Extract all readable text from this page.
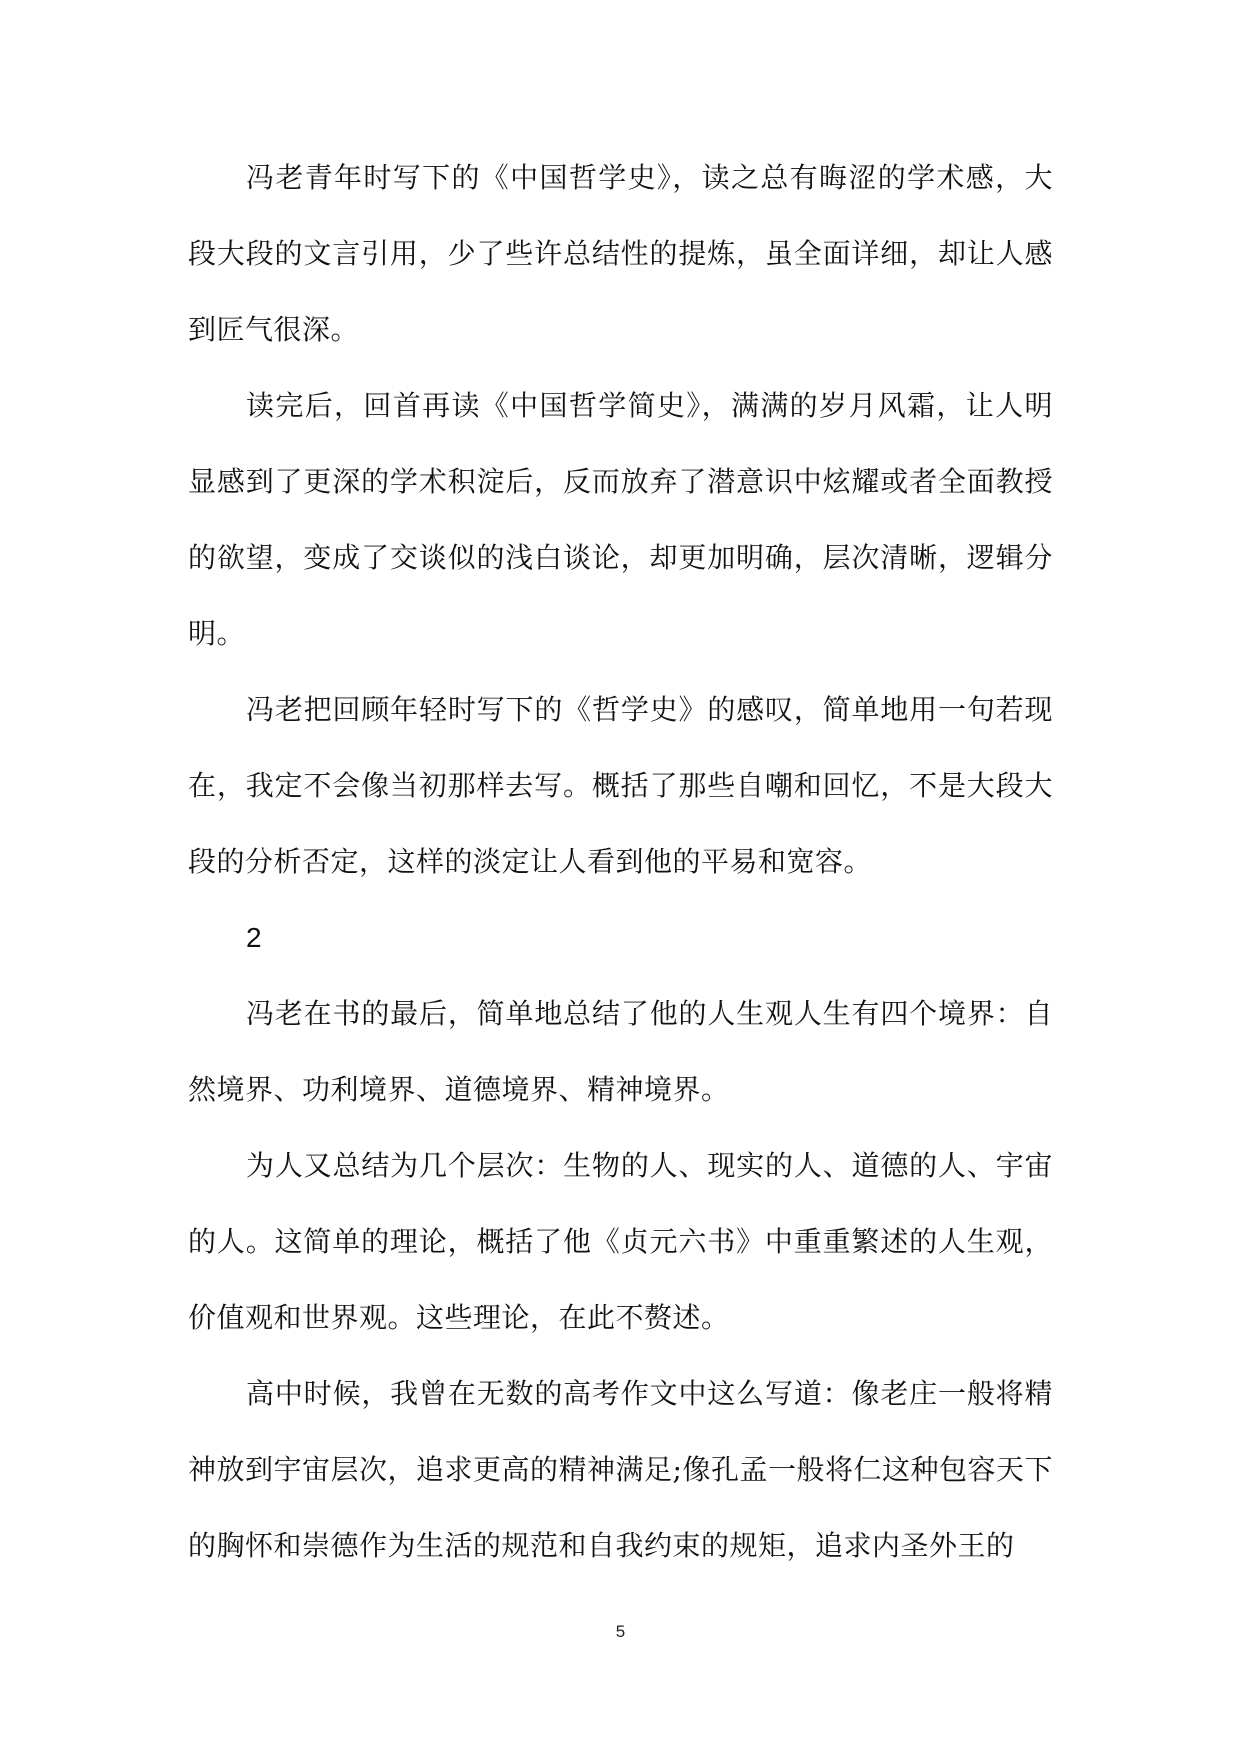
冯老青年时写下的《中国哲学史》，读之总有晦涩的学术感，大段大段的文言引用，少了些许总结性的提炼，虽全面详细，却让人感到匠气很深。

读完后，回首再读《中国哲学简史》，满满的岁月风霜，让人明显感到了更深的学术积淀后，反而放弃了潜意识中炫耀或者全面教授的欲望，变成了交谈似的浅白谈论，却更加明确，层次清晰，逻辑分明。

冯老把回顾年轻时写下的《哲学史》的感叹，简单地用一句若现在，我定不会像当初那样去写。概括了那些自嘲和回忆，不是大段大段的分析否定，这样的淡定让人看到他的平易和宽容。

2

冯老在书的最后，简单地总结了他的人生观人生有四个境界：自然境界、功利境界、道德境界、精神境界。

为人又总结为几个层次：生物的人、现实的人、道德的人、宇宙的人。这简单的理论，概括了他《贞元六书》中重重繁述的人生观，价值观和世界观。这些理论，在此不赘述。

高中时候，我曾在无数的高考作文中这么写道：像老庄一般将精神放到宇宙层次，追求更高的精神满足;像孔孟一般将仁这种包容天下的胸怀和崇德作为生活的规范和自我约束的规矩，追求内圣外王的

5
